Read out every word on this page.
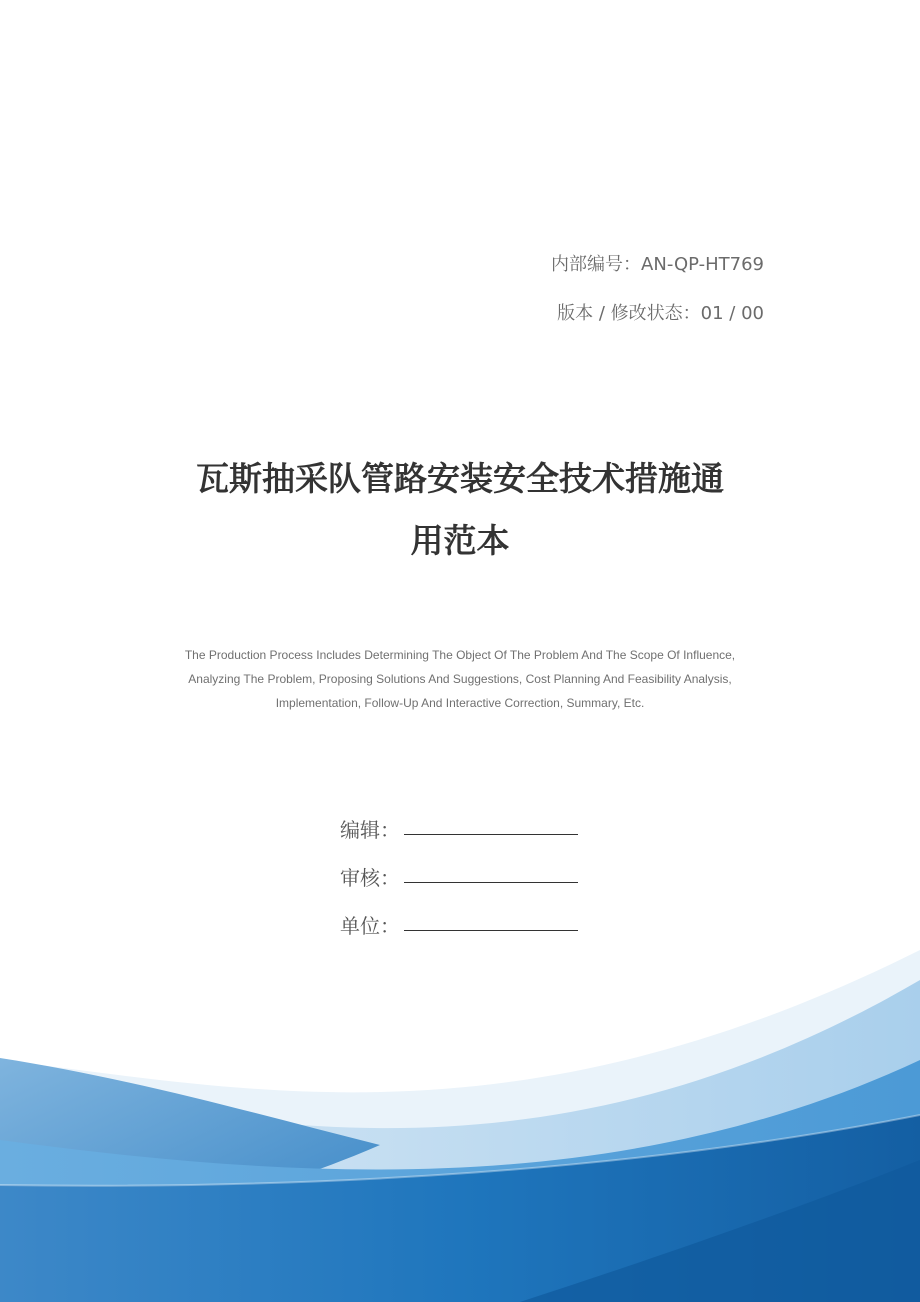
内部编号：AN-QP-HT769
版本 / 修改状态：01 / 00
瓦斯抽采队管路安装安全技术措施通
用范本
The Production Process Includes Determining The Object Of The Problem And The Scope Of Influence,
Analyzing The Problem, Proposing Solutions And Suggestions, Cost Planning And Feasibility Analysis,
Implementation, Follow-Up And Interactive Correction, Summary, Etc.
编辑：
审核：
单位：
